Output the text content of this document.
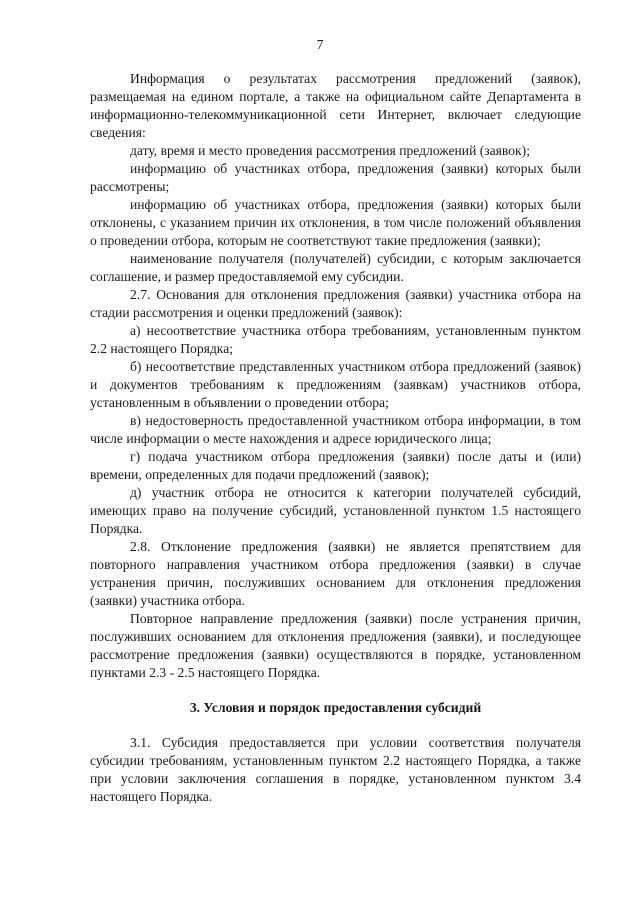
7

Информация о результатах рассмотрения предложений (заявок), размещаемая на едином портале, а также на официальном сайте Департамента в информационно-телекоммуникационной сети Интернет, включает следующие сведения:

дату, время и место проведения рассмотрения предложений (заявок);

информацию об участниках отбора, предложения (заявки) которых были рассмотрены;

информацию об участниках отбора, предложения (заявки) которых были отклонены, с указанием причин их отклонения, в том числе положений объявления о проведении отбора, которым не соответствуют такие предложения (заявки);

наименование получателя (получателей) субсидии, с которым заключается соглашение, и размер предоставляемой ему субсидии.

2.7. Основания для отклонения предложения (заявки) участника отбора на стадии рассмотрения и оценки предложений (заявок):

а) несоответствие участника отбора требованиям, установленным пунктом 2.2 настоящего Порядка;

б) несоответствие представленных участником отбора предложений (заявок) и документов требованиям к предложениям (заявкам) участников отбора, установленным в объявлении о проведении отбора;

в) недостоверность предоставленной участником отбора информации, в том числе информации о месте нахождения и адресе юридического лица;

г) подача участником отбора предложения (заявки) после даты и (или) времени, определенных для подачи предложений (заявок);

д) участник отбора не относится к категории получателей субсидий, имеющих право на получение субсидий, установленной пунктом 1.5 настоящего Порядка.

2.8. Отклонение предложения (заявки) не является препятствием для повторного направления участником отбора предложения (заявки) в случае устранения причин, послуживших основанием для отклонения предложения (заявки) участника отбора.

Повторное направление предложения (заявки) после устранения причин, послуживших основанием для отклонения предложения (заявки), и последующее рассмотрение предложения (заявки) осуществляются в порядке, установленном пунктами 2.3 - 2.5 настоящего Порядка.

3. Условия и порядок предоставления субсидий

3.1. Субсидия предоставляется при условии соответствия получателя субсидии требованиям, установленным пунктом 2.2 настоящего Порядка, а также при условии заключения соглашения в порядке, установленном пунктом 3.4 настоящего Порядка.
